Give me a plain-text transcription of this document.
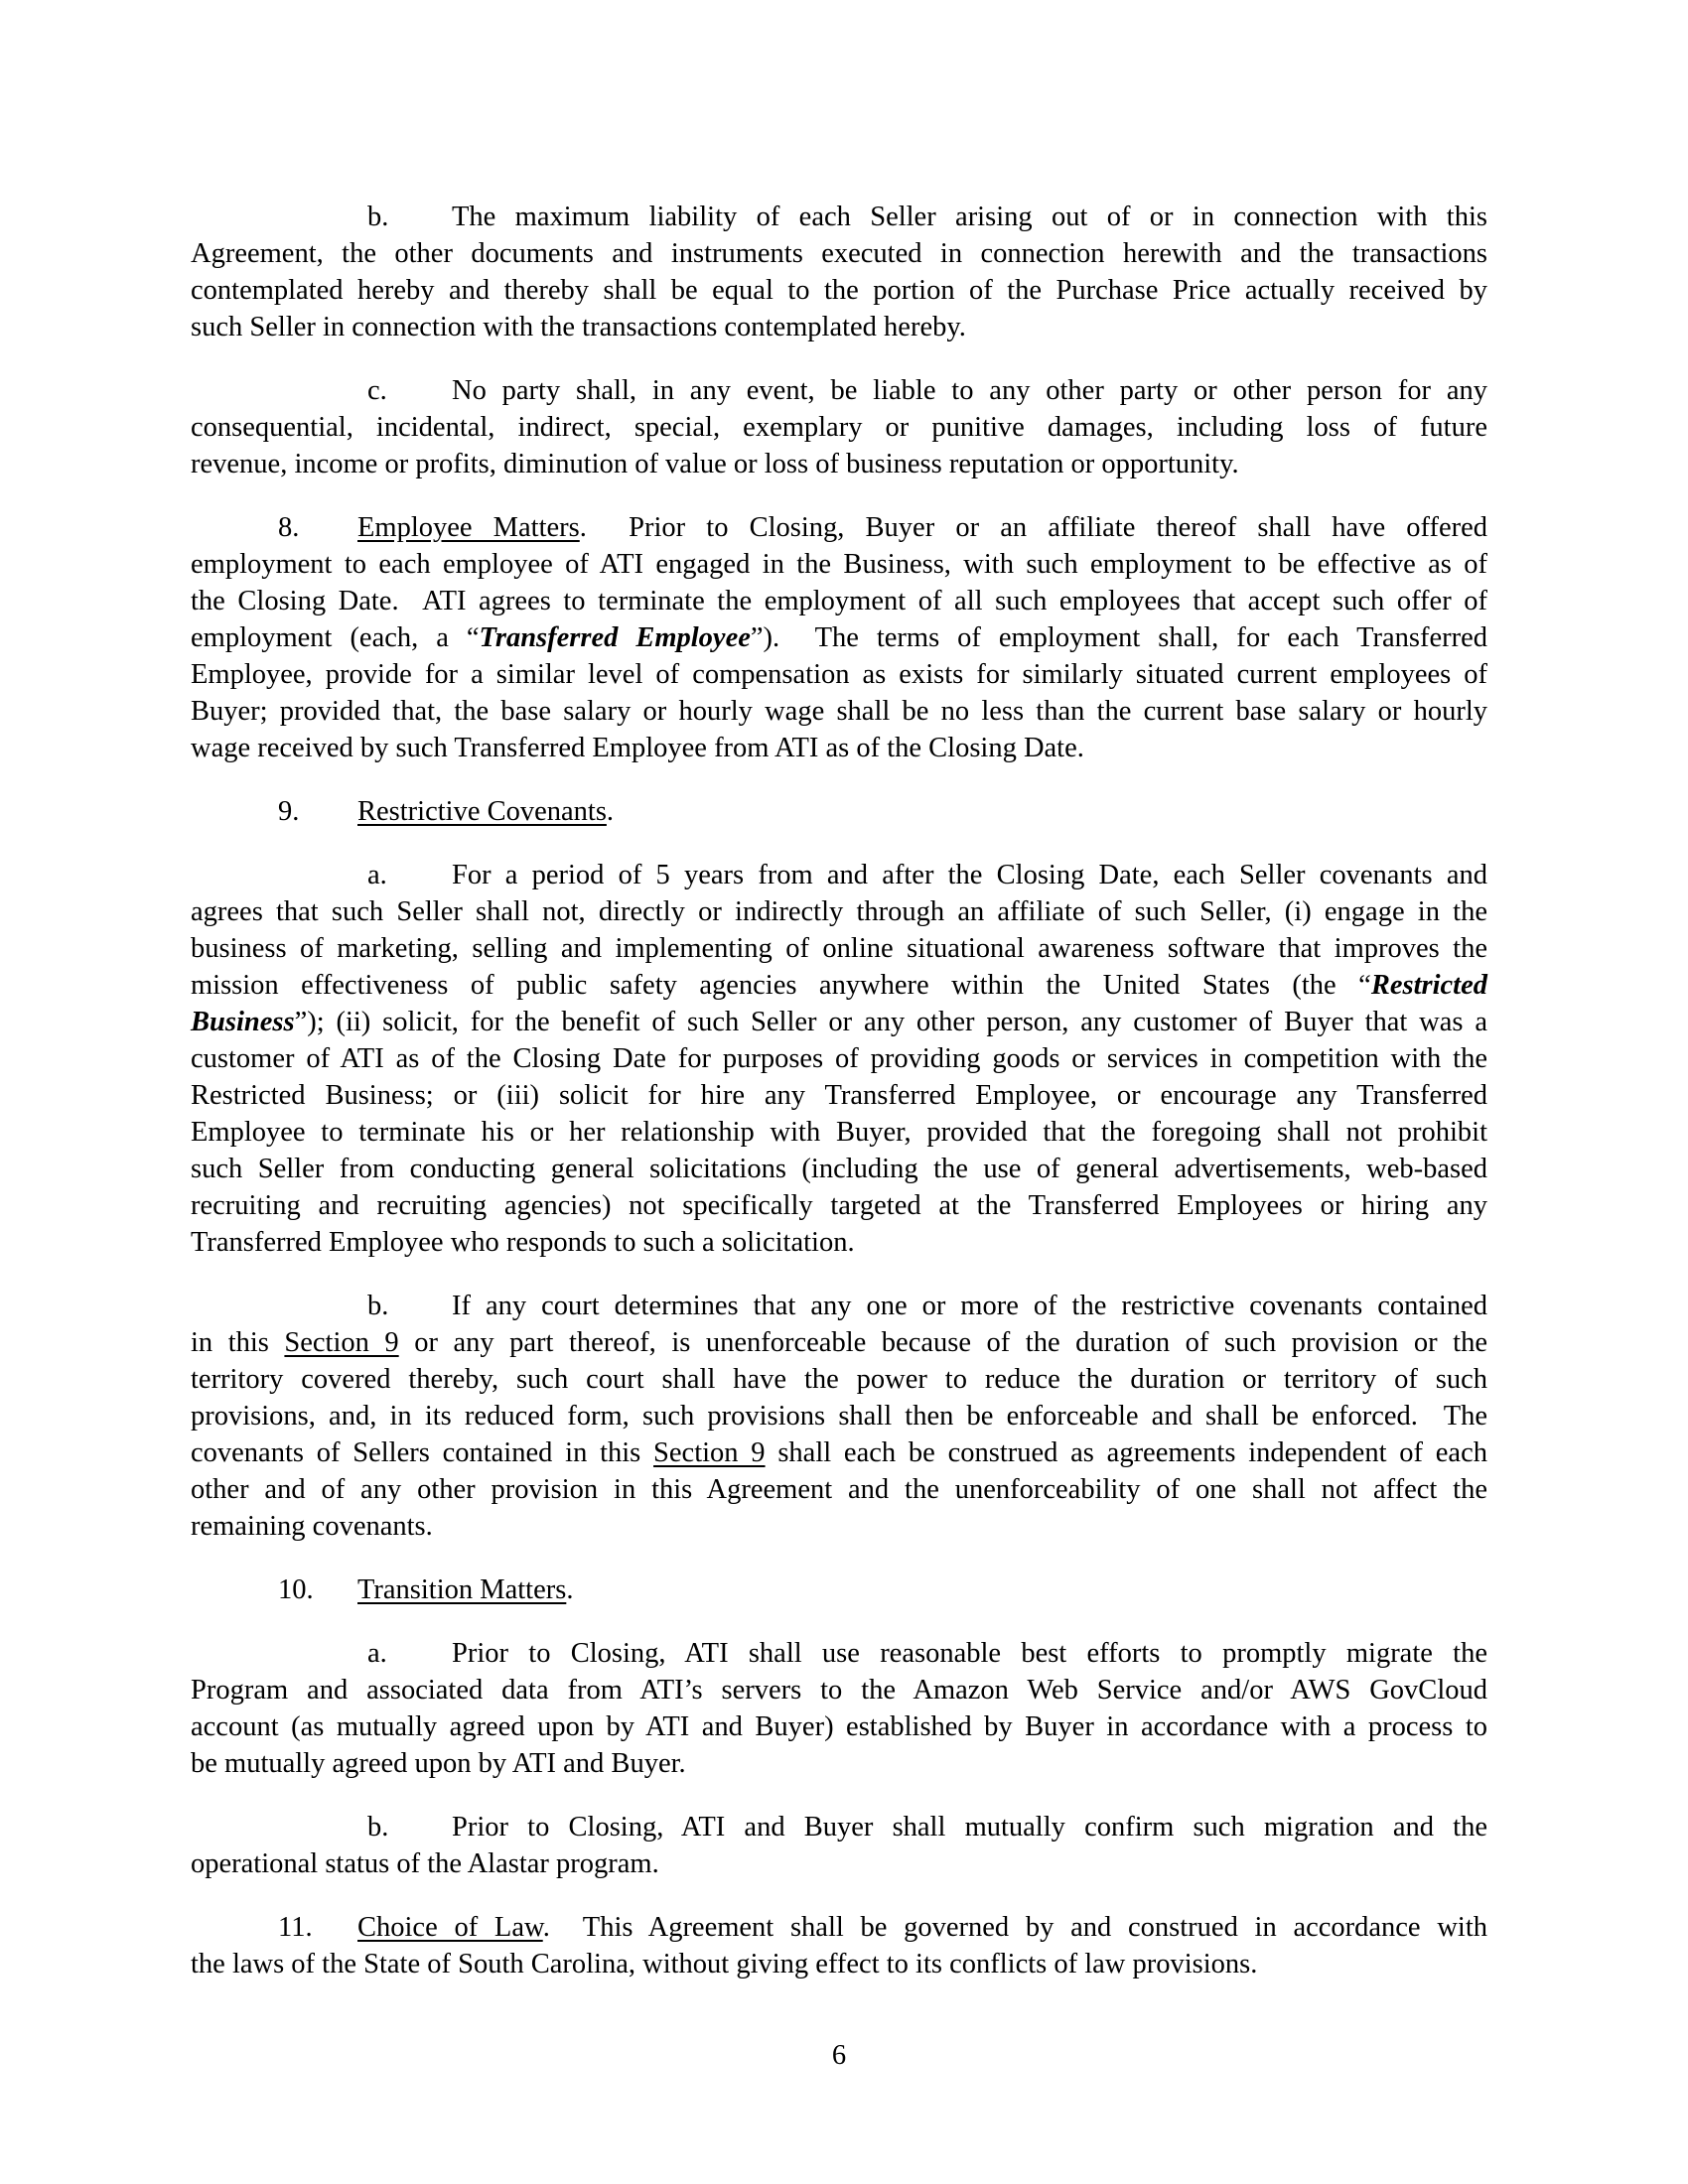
b. The maximum liability of each Seller arising out of or in connection with this
Agreement, the other documents and instruments executed in connection herewith and the transactions
contemplated hereby and thereby shall be equal to the portion of the Purchase Price actually received by
such Seller in connection with the transactions contemplated hereby.
c. No party shall, in any event, be liable to any other party or other person for any
consequential, incidental, indirect, special, exemplary or punitive damages, including loss of future
revenue, income or profits, diminution of value or loss of business reputation or opportunity.
8. Employee Matters.  Prior to Closing, Buyer or an affiliate thereof shall have offered
employment to each employee of ATI engaged in the Business, with such employment to be effective as of
the Closing Date.  ATI agrees to terminate the employment of all such employees that accept such offer of
employment (each, a “Transferred Employee”).  The terms of employment shall, for each Transferred
Employee, provide for a similar level of compensation as exists for similarly situated current employees of
Buyer; provided that, the base salary or hourly wage shall be no less than the current base salary or hourly
wage received by such Transferred Employee from ATI as of the Closing Date.
9. Restrictive Covenants.
a. For a period of 5 years from and after the Closing Date, each Seller covenants and
agrees that such Seller shall not, directly or indirectly through an affiliate of such Seller, (i) engage in the
business of marketing, selling and implementing of online situational awareness software that improves the
mission effectiveness of public safety agencies anywhere within the United States (the “Restricted
Business”); (ii) solicit, for the benefit of such Seller or any other person, any customer of Buyer that was a
customer of ATI as of the Closing Date for purposes of providing goods or services in competition with the
Restricted Business; or (iii) solicit for hire any Transferred Employee, or encourage any Transferred
Employee to terminate his or her relationship with Buyer, provided that the foregoing shall not prohibit
such Seller from conducting general solicitations (including the use of general advertisements, web-based
recruiting and recruiting agencies) not specifically targeted at the Transferred Employees or hiring any
Transferred Employee who responds to such a solicitation.
b. If any court determines that any one or more of the restrictive covenants contained
in this Section 9 or any part thereof, is unenforceable because of the duration of such provision or the
territory covered thereby, such court shall have the power to reduce the duration or territory of such
provisions, and, in its reduced form, such provisions shall then be enforceable and shall be enforced.  The
covenants of Sellers contained in this Section 9 shall each be construed as agreements independent of each
other and of any other provision in this Agreement and the unenforceability of one shall not affect the
remaining covenants.
10. Transition Matters.
a. Prior to Closing, ATI shall use reasonable best efforts to promptly migrate the
Program and associated data from ATI’s servers to the Amazon Web Service and/or AWS GovCloud
account (as mutually agreed upon by ATI and Buyer) established by Buyer in accordance with a process to
be mutually agreed upon by ATI and Buyer.
b. Prior to Closing, ATI and Buyer shall mutually confirm such migration and the
operational status of the Alastar program.
11. Choice of Law.  This Agreement shall be governed by and construed in accordance with
the laws of the State of South Carolina, without giving effect to its conflicts of law provisions.
6
